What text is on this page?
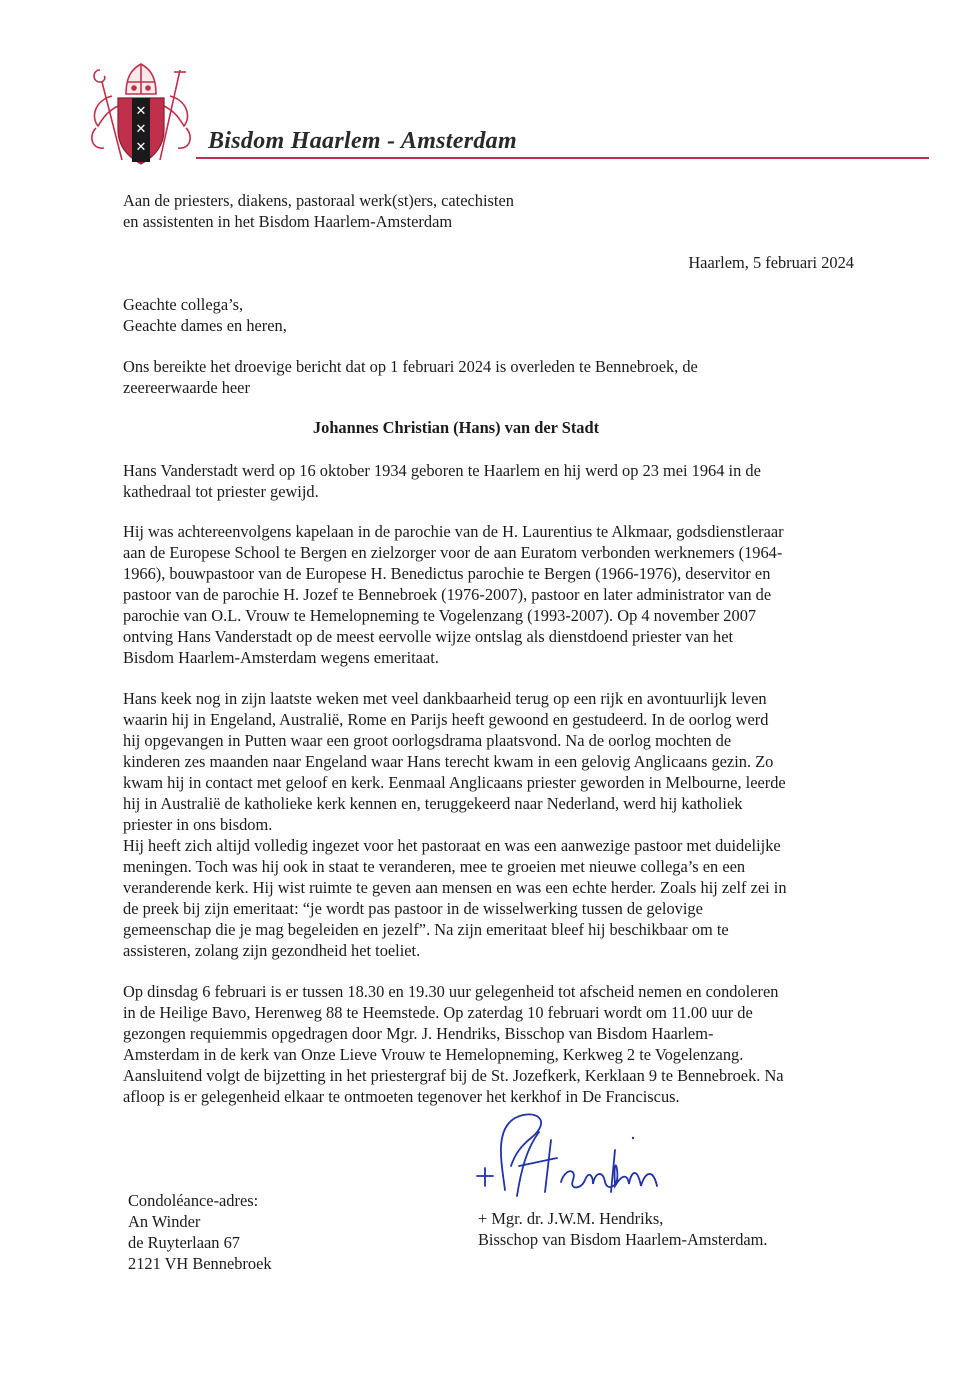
✕
✕
✕	Bisdom Haarlem - Amsterdam
Aan de priesters, diakens, pastoraal werk(st)ers, catechisten
en assistenten in het Bisdom Haarlem-Amsterdam
Haarlem, 5 februari 2024
Geachte collega’s,
Geachte dames en heren,
Ons bereikte het droevige bericht dat op 1 februari 2024 is overleden te Bennebroek, de
zeereerwaarde heer
Johannes Christian (Hans) van der Stadt
Hans Vanderstadt werd op 16 oktober 1934 geboren te Haarlem en hij werd op 23 mei 1964 in de
kathedraal tot priester gewijd.
Hij was achtereenvolgens kapelaan in de parochie van de H. Laurentius te Alkmaar, godsdienstleraar
aan de Europese School te Bergen en zielzorger voor de aan Euratom verbonden werknemers (1964-
1966), bouwpastoor van de Europese H. Benedictus parochie te Bergen (1966-1976), deservitor en
pastoor van de parochie H. Jozef te Bennebroek (1976-2007), pastoor en later administrator van de
parochie van O.L. Vrouw te Hemelopneming te Vogelenzang (1993-2007). Op 4 november 2007
ontving Hans Vanderstadt op de meest eervolle wijze ontslag als dienstdoend priester van het
Bisdom Haarlem-Amsterdam wegens emeritaat.
Hans keek nog in zijn laatste weken met veel dankbaarheid terug op een rijk en avontuurlijk leven
waarin hij in Engeland, Australië, Rome en Parijs heeft gewoond en gestudeerd. In de oorlog werd
hij opgevangen in Putten waar een groot oorlogsdrama plaatsvond. Na de oorlog mochten de
kinderen zes maanden naar Engeland waar Hans terecht kwam in een gelovig Anglicaans gezin. Zo
kwam hij in contact met geloof en kerk. Eenmaal Anglicaans priester geworden in Melbourne, leerde
hij in Australië de katholieke kerk kennen en, teruggekeerd naar Nederland, werd hij katholiek
priester in ons bisdom.
Hij heeft zich altijd volledig ingezet voor het pastoraat en was een aanwezige pastoor met duidelijke
meningen. Toch was hij ook in staat te veranderen, mee te groeien met nieuwe collega’s en een
veranderende kerk. Hij wist ruimte te geven aan mensen en was een echte herder. Zoals hij zelf zei in
de preek bij zijn emeritaat: “je wordt pas pastoor in de wisselwerking tussen de gelovige
gemeenschap die je mag begeleiden en jezelf”. Na zijn emeritaat bleef hij beschikbaar om te
assisteren, zolang zijn gezondheid het toeliet.
Op dinsdag 6 februari is er tussen 18.30 en 19.30 uur gelegenheid tot afscheid nemen en condoleren
in de Heilige Bavo, Herenweg 88 te Heemstede. Op zaterdag 10 februari wordt om 11.00 uur de
gezongen requiemmis opgedragen door Mgr. J. Hendriks, Bisschop van Bisdom Haarlem-
Amsterdam in de kerk van Onze Lieve Vrouw te Hemelopneming, Kerkweg 2 te Vogelenzang.
Aansluitend volgt de bijzetting in het priestergraf bij de St. Jozefkerk, Kerklaan 9 te Bennebroek. Na
afloop is er gelegenheid elkaar te ontmoeten tegenover het kerkhof in De Franciscus.
+ Mgr. dr. J.W.M. Hendriks,
Bisschop van Bisdom Haarlem-Amsterdam.
Condoléance-adres:
An Winder
de Ruyterlaan 67
2121 VH Bennebroek
